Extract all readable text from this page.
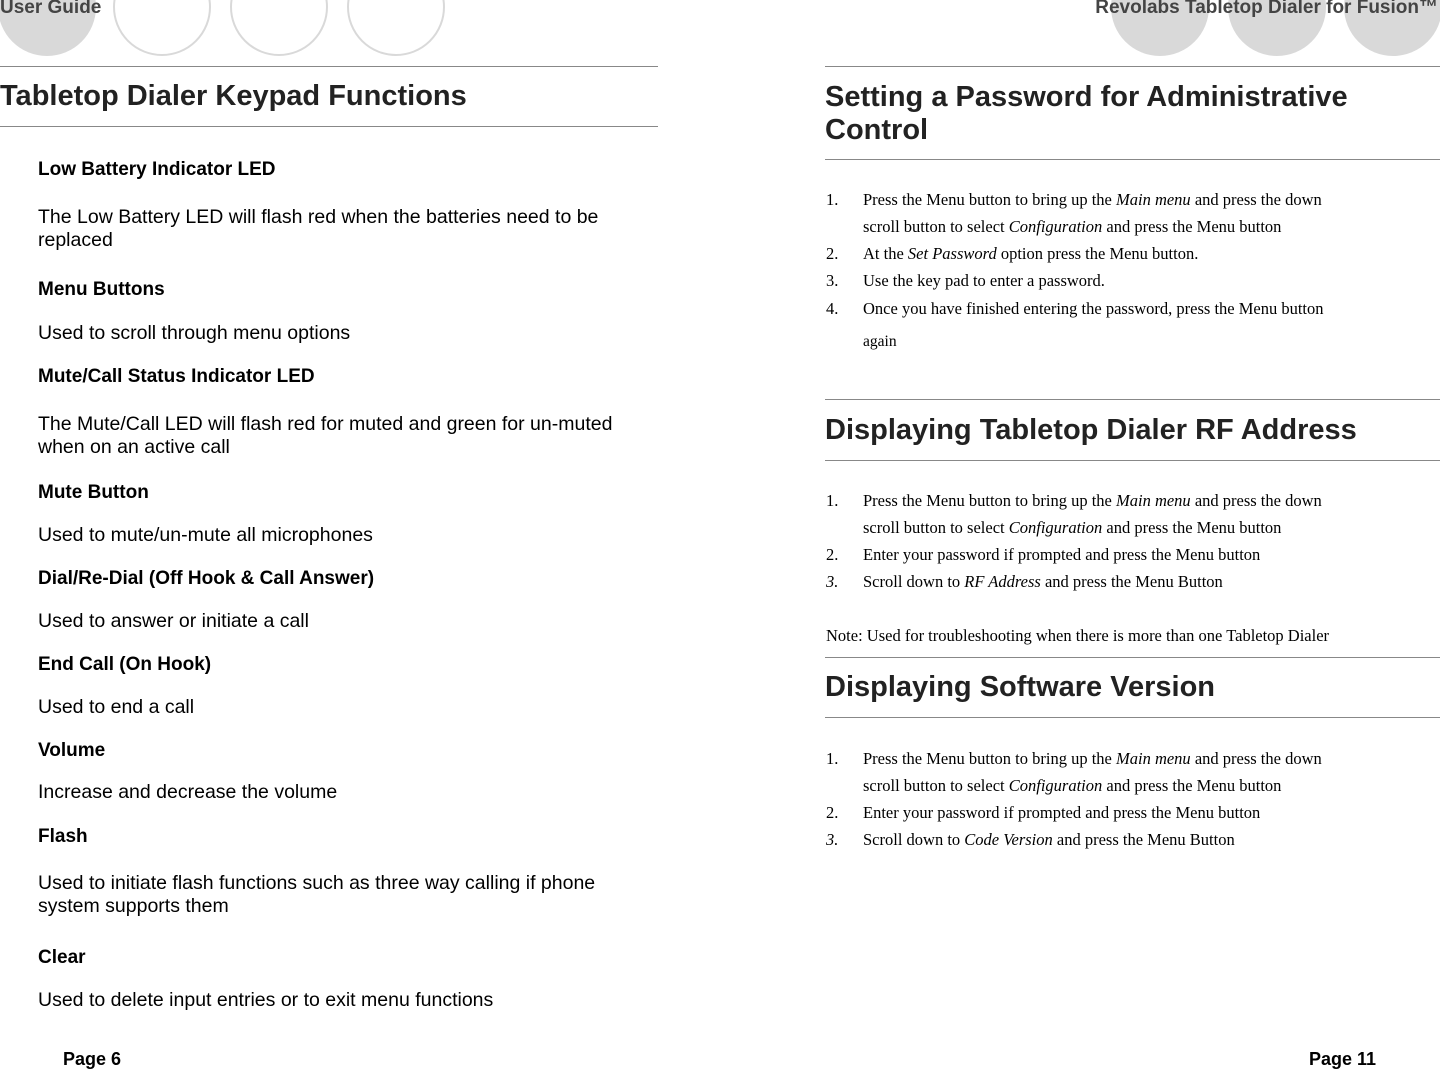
User Guide	Revolabs Tabletop Dialer for Fusion™
Tabletop Dialer Keypad Functions
Low Battery Indicator LED
The Low Battery LED will flash red when the batteries need to be replaced
Menu Buttons
Used to scroll through menu options
Mute/Call Status Indicator LED
The Mute/Call LED will flash red for muted and green for un-muted when on an active call
Mute Button
Used to mute/un-mute all microphones
Dial/Re-Dial (Off Hook & Call Answer)
Used to answer or initiate a call
End Call (On Hook)
Used to end a call
Volume
Increase and decrease the volume
Flash
Used to initiate flash functions such as three way calling if phone system supports them
Clear
Used to delete input entries or to exit menu functions
Page 6
Setting a Password for Administrative
Control
1. Press the Menu button to bring up the Main menu and press the down
scroll button to select Configuration and press the Menu button
2. At the Set Password option press the Menu button.
3. Use the key pad to enter a password.
4. Once you have finished entering the password, press the Menu button
again
Displaying Tabletop Dialer RF Address
1. Press the Menu button to bring up the Main menu and press the down
scroll button to select Configuration and press the Menu button
2. Enter your password if prompted and press the Menu button
3. Scroll down to RF Address and press the Menu Button
Note: Used for troubleshooting when there is more than one Tabletop Dialer
Displaying Software Version
1. Press the Menu button to bring up the Main menu and press the down
scroll button to select Configuration and press the Menu button
2. Enter your password if prompted and press the Menu button
3. Scroll down to Code Version and press the Menu Button
Page 11
